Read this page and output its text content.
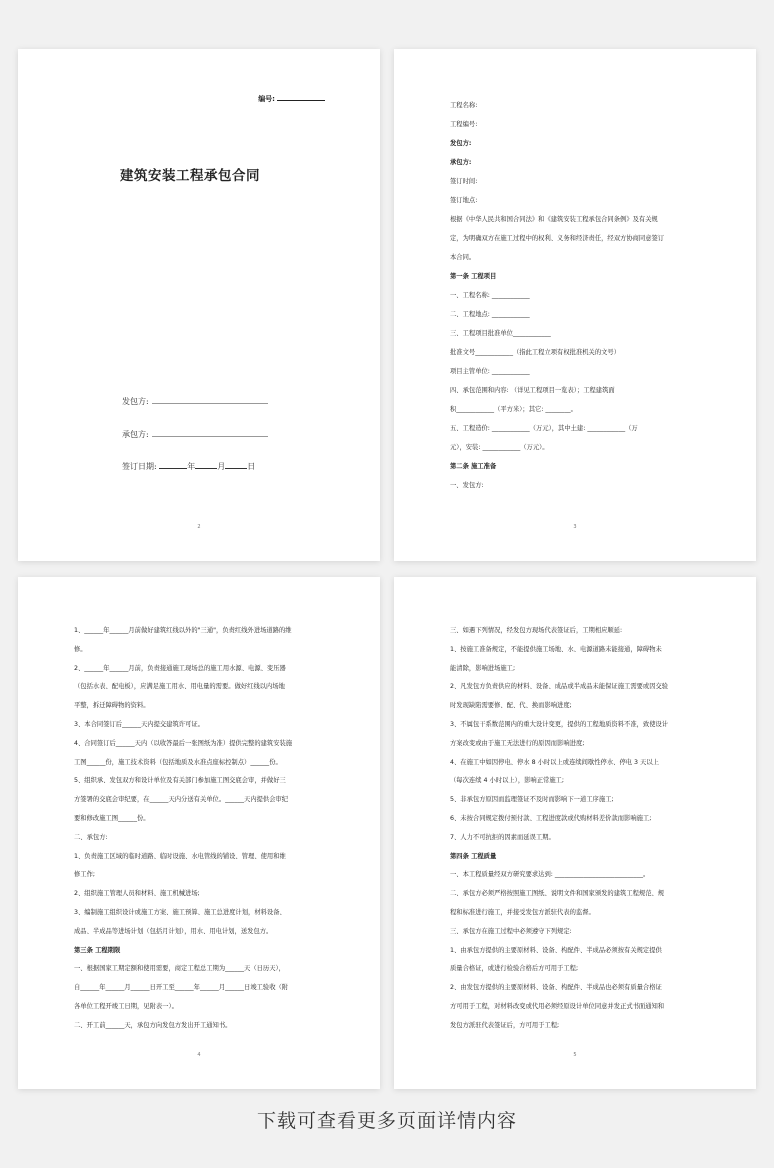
编号:
建筑安装工程承包合同
发包方:
承包方:
签订日期:	年	月	日
2
工程名称:
工程编号:
发包方:
承包方:
签订时间:
签订地点:
根据《中华人民共和国合同法》和《建筑安装工程承包合同条例》及有关规
定，为明确双方在施工过程中的权利、义务和经济责任，经双方协商同意签订
本合同。
第一条 工程项目
一、工程名称: ____________
二、工程地点: ____________
三、工程项目批准单位____________
批准文号____________（指此工程立项有权批准机关的文号）
项目主管单位: ____________
四、承包范围和内容: （详见工程项目一览表）；工程建筑面
积____________（平方米）；其它: ________。
五、工程造价: ____________（万元），其中土建: ____________（万
元），安装: ____________（万元）。
第二条 施工准备
一、发包方:
3
1、______年______月前做好建筑红线以外的"三通"，负责红线外进场道路的维
修。
2、______年______月前，负责接通施工现场总的施工用水源、电源、变压器
（包括水表、配电板），应满足施工用水、用电量的需要。做好红线以内场地
平整，拆迁障碍物的资料。
3、本合同签订后______天内提交建筑许可证。
4、合同签订后______天内（以收答最后一张图纸为准）提供完整的建筑安装施
工图______份，施工技术资料（包括地质及水准点座标控制点）______份。
5、组织承、发包双方和设计单位及有关部门参加施工图交底会审，并做好三
方签署的交底会审纪要，在______天内分送有关单位。______天内提供会审纪
要和修改施工图______份。
二、承包方:
1、负责施工区域的临时道路、临时设施、水电管线的铺设、管理、使用和维
修工作;
2、组织施工管理人员和材料、施工机械进场;
3、编制施工组织设计或施工方案、施工预算、施工总进度计划，材料设备、
成品、半成品等进场计划（包括月计划），用水、用电计划，送发包方。
第三条 工程期限
一、根据国家工期定额和使用需要，商定工程总工期为______天（日历天），
自______年______月______日开工至______年______月______日竣工验收（附
各单位工程开竣工日期，见附表一）。
二、开工前______天，承包方向发包方发出开工通知书。
4
三、如遇下列情况，经发包方现场代表签证后，工期相应顺延:
1、按施工准备规定，不能提供施工场地、水、电源道路未能接通，障碍物未
能清除，影响进场施工;
2、凡发包方负责供应的材料、设备、成品或半成品未能保证施工需要或因交验
时发现缺陷需要修、配、代、换而影响进度;
3、不属包干系数范围内的重大设计变更，提供的工程地质资料不准，致使设计
方案改变或由于施工无法进行的原因而影响进度;
4、在施工中如因停电、停水 8 小时以上或连续间歇性停水、停电 3 天以上
（每次连续 4 小时以上），影响正常施工;
5、非承包方原因而监理签证不及时而影响下一道工序施工;
6、未按合同规定拨付预付款、工程进度款或代购材料差价款而影响施工;
7、人力不可抗拒的因素而延误工期。
第四条 工程质量
一、本工程质量经双方研究要求达到: ____________________________。
二、承包方必须严格按照施工图纸、说明文件和国家颁发的建筑工程规范、规
程和标准进行施工，并接受发包方派驻代表的监督。
三、承包方在施工过程中必须遵守下列规定:
1、由承包方提供的主要原材料、设备、构配件、半成品必须按有关规定提供
质量合格证，或进行检验合格后方可用于工程;
2、由发包方提供的主要原材料、设备、构配件、半成品也必须有质量合格证
方可用于工程，对材料改变或代用必须经原设计单位同意并发正式书面通知和
发包方派驻代表签证后，方可用于工程;
5
下载可查看更多页面详情内容
